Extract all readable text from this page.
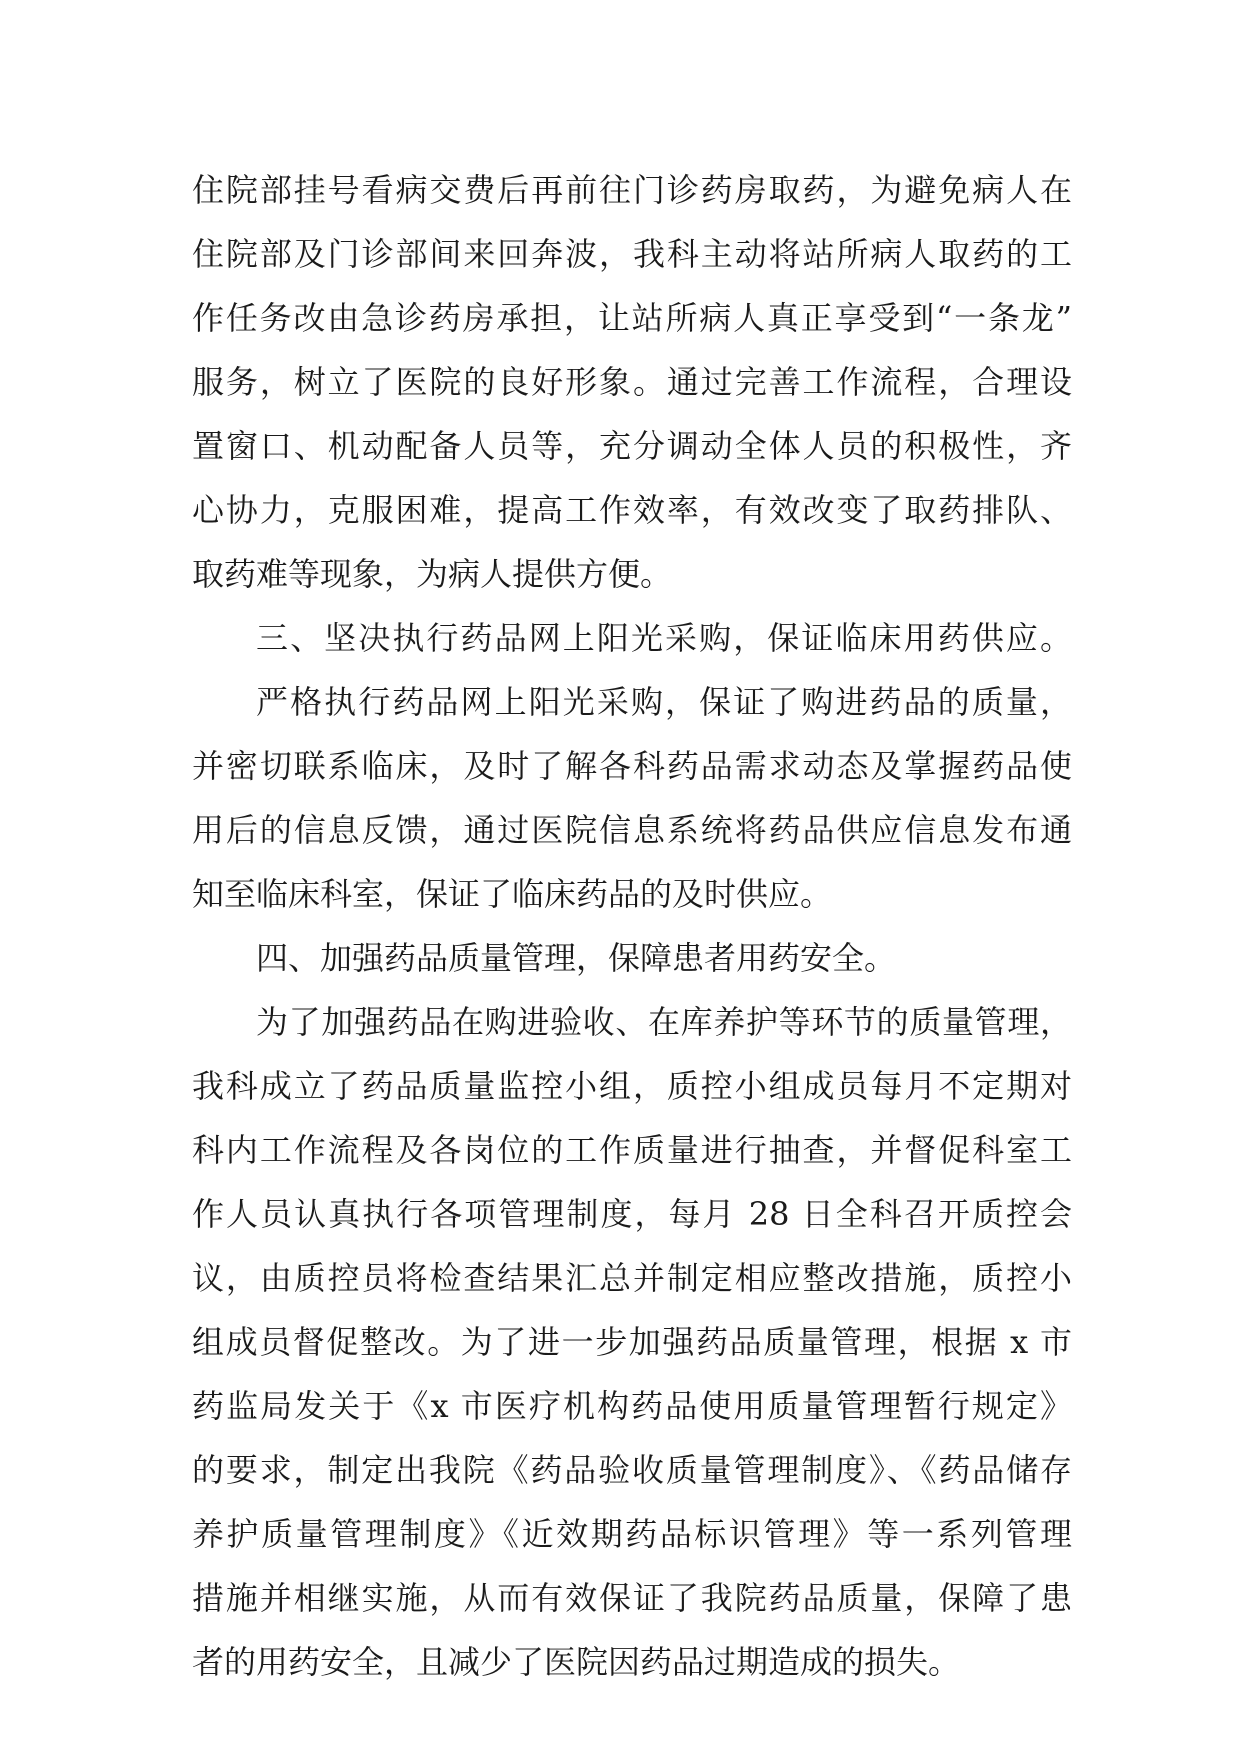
住院部挂号看病交费后再前往门诊药房取药，为避免病人在
住院部及门诊部间来回奔波，我科主动将站所病人取药的工
作任务改由急诊药房承担，让站所病人真正享受到“一条龙”
服务，树立了医院的良好形象。通过完善工作流程，合理设
置窗口、机动配备人员等，充分调动全体人员的积极性，齐
心协力，克服困难，提高工作效率，有效改变了取药排队、
取药难等现象，为病人提供方便。
三、坚决执行药品网上阳光采购，保证临床用药供应。
严格执行药品网上阳光采购，保证了购进药品的质量，
并密切联系临床，及时了解各科药品需求动态及掌握药品使
用后的信息反馈，通过医院信息系统将药品供应信息发布通
知至临床科室，保证了临床药品的及时供应。
四、加强药品质量管理，保障患者用药安全。
为了加强药品在购进验收、在库养护等环节的质量管理，
我科成立了药品质量监控小组，质控小组成员每月不定期对
科内工作流程及各岗位的工作质量进行抽查，并督促科室工
作人员认真执行各项管理制度，每月 28 日全科召开质控会
议，由质控员将检查结果汇总并制定相应整改措施，质控小
组成员督促整改。为了进一步加强药品质量管理，根据 x 市
药监局发关于《x 市医疗机构药品使用质量管理暂行规定》
的要求，制定出我院《药品验收质量管理制度》、《药品储存
养护质量管理制度》《近效期药品标识管理》等一系列管理
措施并相继实施，从而有效保证了我院药品质量，保障了患
者的用药安全，且减少了医院因药品过期造成的损失。
